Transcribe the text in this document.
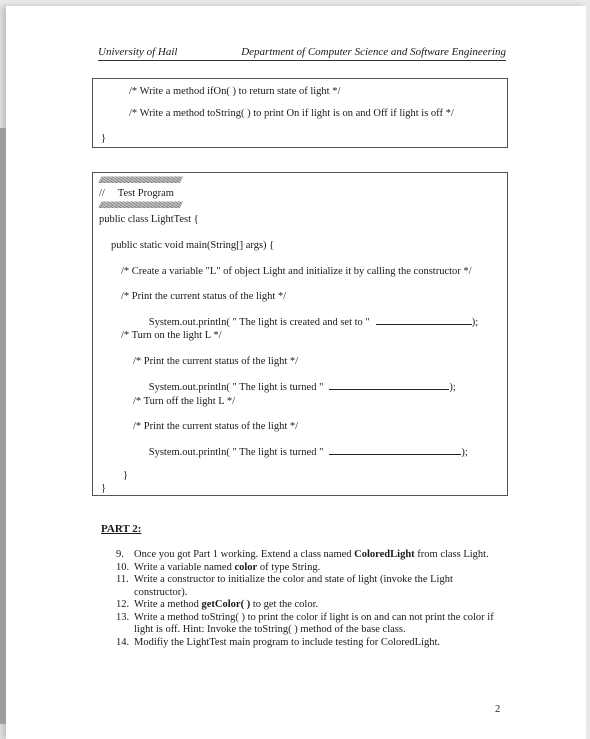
University of Hail	Department of Computer Science and Software Engineering
/* Write a method ifOn( ) to return state of light */
/* Write a method toString( ) to print On if light is on and Off if light is off */
}
/////////////////////////////////////////////////////////////
//     Test Program
/////////////////////////////////////////////////////////////
public class LightTest {
public static void main(String[] args) {
/* Create a variable "L" of object Light and initialize it by calling the constructor */
/* Print the current status of the light */

System.out.println( " The light is created and set to "	);

/* Turn on the light L */
/* Print the current status of the light */

System.out.println( " The light is turned "	);

/* Turn off the light L */
/* Print the current status of the light */

System.out.println( " The light is turned "	);

}
}
PART 2:
9. Once you got Part 1 working. Extend a class named ColoredLight from class Light.
10. Write a variable named color of type String.
11. Write a constructor to initialize the color and state of light (invoke the Light constructor).
12. Write a method getColor( ) to get the color.
13. Write a method toString( ) to print the color if light is on and can not print the color if light is off. Hint: Invoke the toString( ) method of the base class.
14. Modifiy the LightTest main program to include testing for ColoredLight.
2
